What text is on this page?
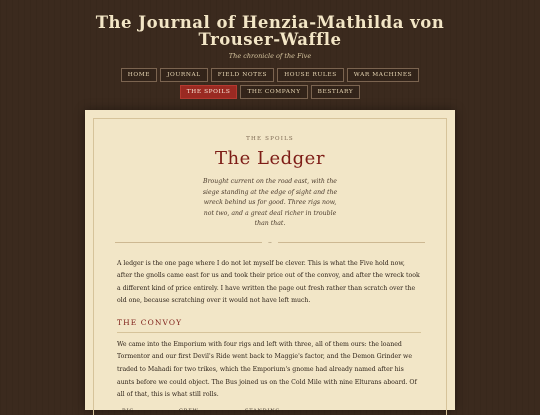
The Journal of Henzia-Mathilda von Trouser-Waffle
The chronicle of the Five
HOME	JOURNAL	FIELD NOTES	HOUSE RULES	WAR MACHINES
THE SPOILS	THE COMPANY	BESTIARY
THE SPOILS
The Ledger

Brought current on the road east, with the siege standing at the edge of sight and the wreck behind us for good. Three rigs now, not two, and a great deal richer in trouble than that.

~

A ledger is the one page where I do not let myself be clever. This is what the Five hold now, after the gnolls came east for us and took their price out of the convoy, and after the wreck took a different kind of price entirely. I have written the page out fresh rather than scratch over the old one, because scratching over it would not have left much.

THE CONVOY

We came into the Emporium with four rigs and left with three, all of them ours: the loaned Tormentor and our first Devil's Ride went back to Maggie's factor, and the Demon Grinder we traded to Mahadi for two trikes, which the Emporium's gnome had already named after his aunts before we could object. The Bus joined us on the Cold Mile with nine Elturans aboard. Of all of that, this is what still rolls.

RIG	CREW	STANDING
